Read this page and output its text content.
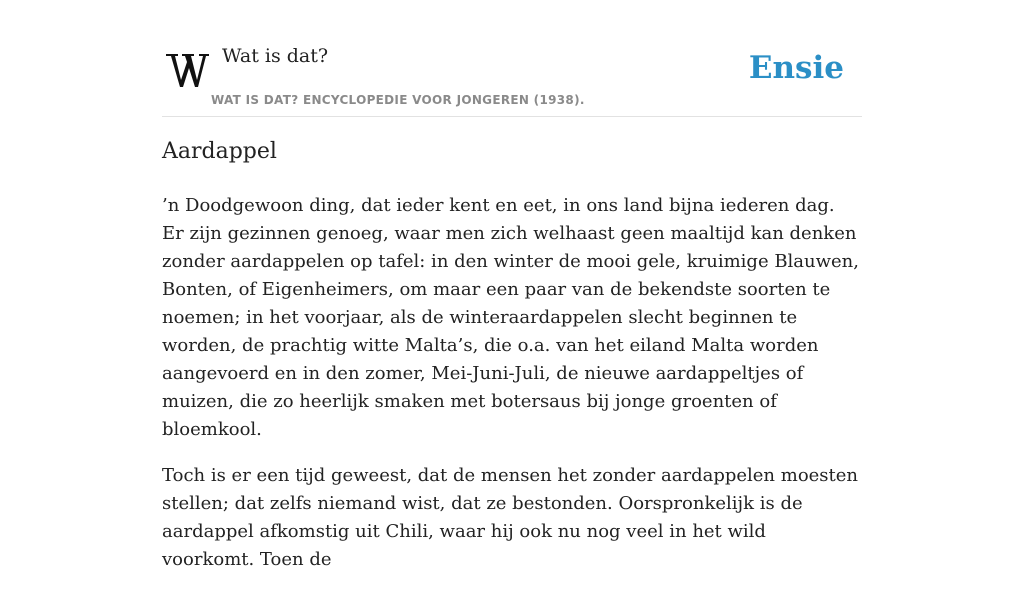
Wat is dat?
WAT IS DAT? ENCYCLOPEDIE VOOR JONGEREN (1938).
Ensie
Aardappel

’n Doodgewoon ding, dat ieder kent en eet, in ons land bijna iederen dag. Er zijn gezinnen genoeg, waar men zich welhaast geen maaltijd kan denken zonder aardappelen op tafel: in den winter de mooi gele, kruimige Blauwen, Bonten, of Eigenheimers, om maar een paar van de bekendste soorten te noemen; in het voorjaar, als de winteraardappelen slecht beginnen te worden, de prachtig witte Malta’s, die o.a. van het eiland Malta worden aangevoerd en in den zomer, Mei-Juni-Juli, de nieuwe aardappeltjes of muizen, die zo heerlijk smaken met botersaus bij jonge groenten of bloemkool.

Toch is er een tijd geweest, dat de mensen het zonder aardappelen moesten stellen; dat zelfs niemand wist, dat ze bestonden. Oorspronkelijk is de aardappel afkomstig uit Chili, waar hij ook nu nog veel in het wild voorkomt. Toen de
